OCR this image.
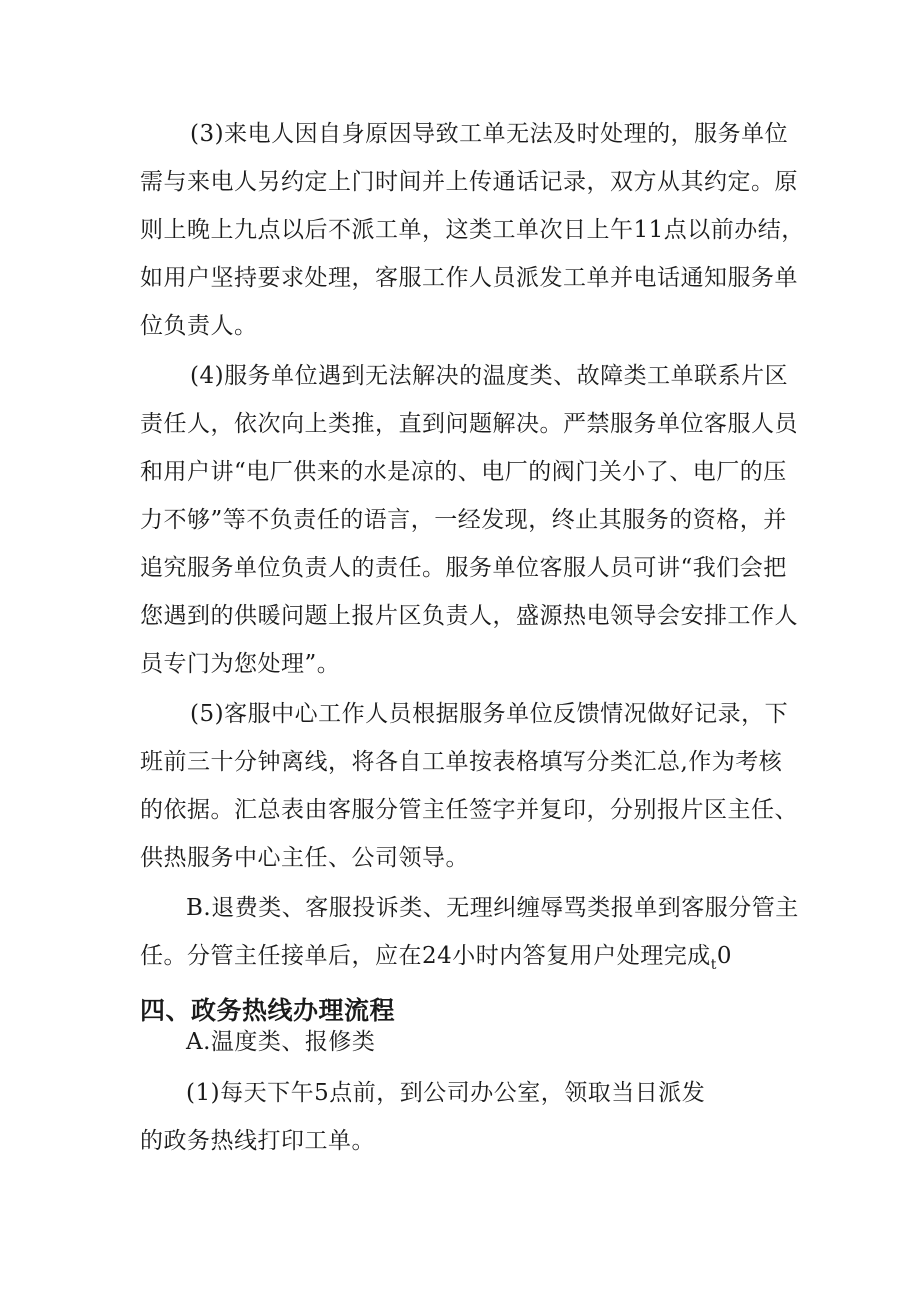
(3)来电人因自身原因导致工单无法及时处理的，服务单位

需与来电人另约定上门时间并上传通话记录，双方从其约定。原

则上晚上九点以后不派工单，这类工单次日上午11点以前办结，

如用户坚持要求处理，客服工作人员派发工单并电话通知服务单

位负责人。

(4)服务单位遇到无法解决的温度类、故障类工单联系片区

责任人，依次向上类推，直到问题解决。严禁服务单位客服人员

和用户讲“电厂供来的水是凉的、电厂的阀门关小了、电厂的压

力不够”等不负责任的语言，一经发现，终止其服务的资格，并

追究服务单位负责人的责任。服务单位客服人员可讲“我们会把

您遇到的供暖问题上报片区负责人，盛源热电领导会安排工作人

员专门为您处理”。

(5)客服中心工作人员根据服务单位反馈情况做好记录，下

班前三十分钟离线，将各自工单按表格填写分类汇总,作为考核

的依据。汇总表由客服分管主任签字并复印，分别报片区主任、

供热服务中心主任、公司领导。

B.退费类、客服投诉类、无理纠缠辱骂类报单到客服分管主

任。分管主任接单后，应在24小时内答复用户处理完成$_t$0

四、政务热线办理流程

A.温度类、报修类

(1)每天下午5点前，到公司办公室，领取当日派发

的政务热线打印工单。
